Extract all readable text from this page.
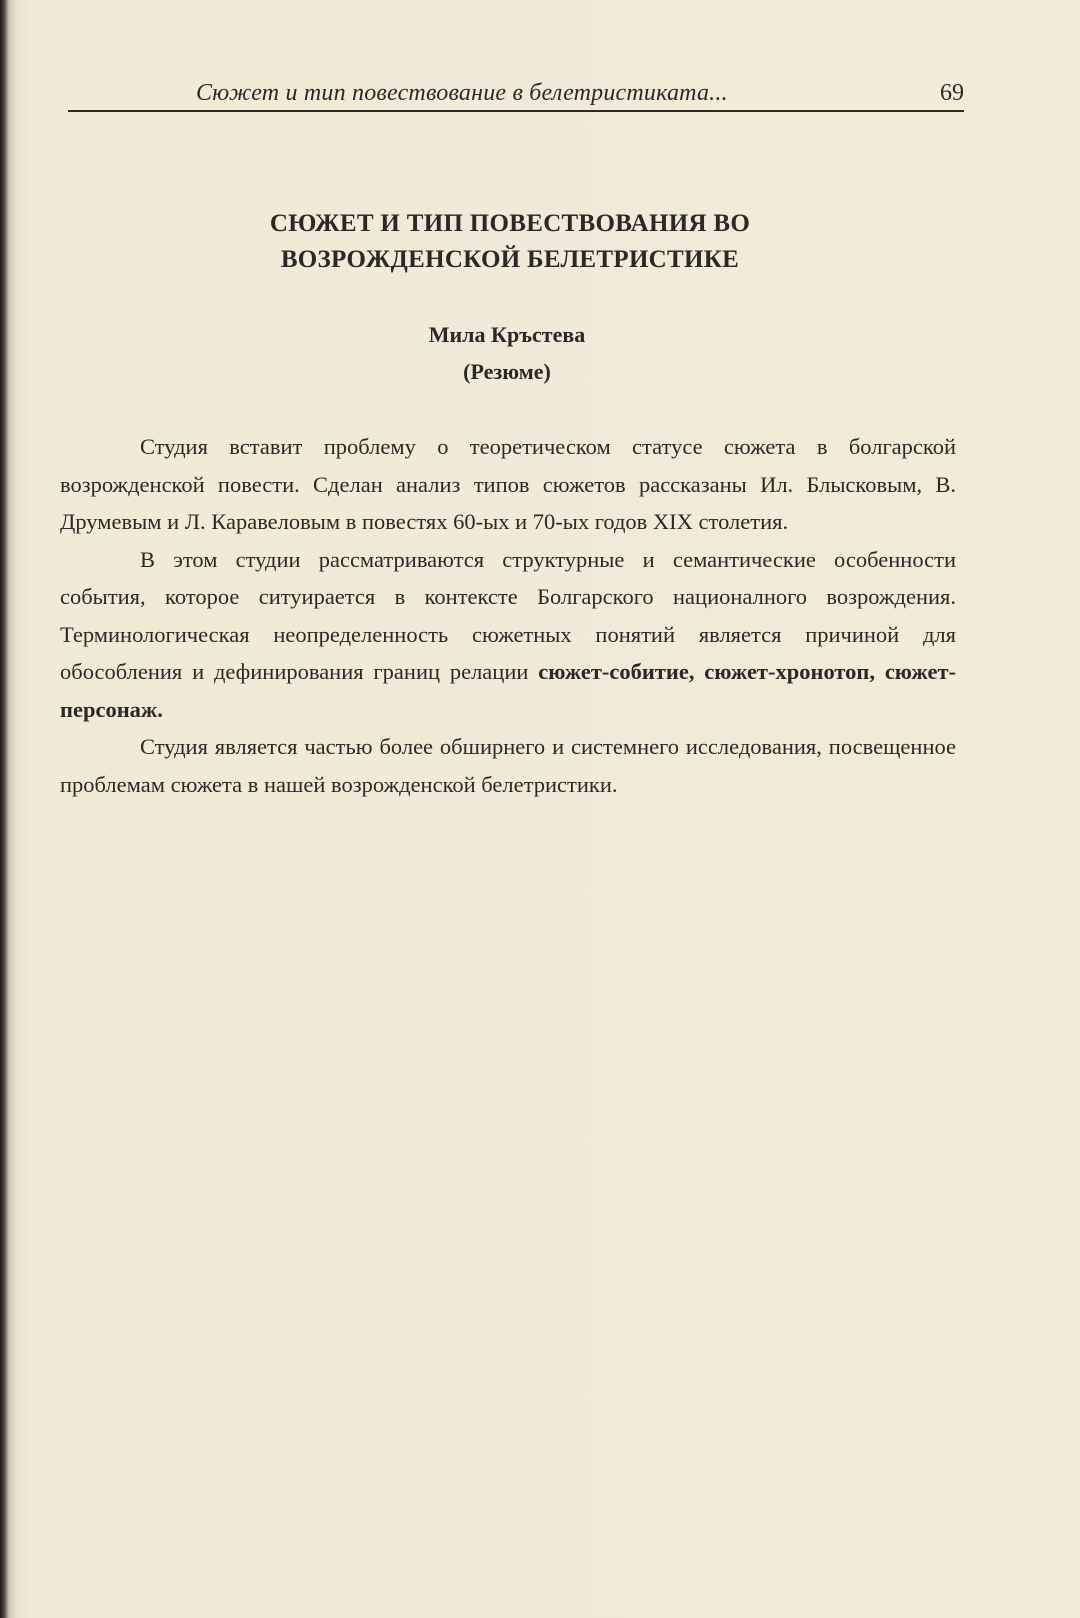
Сюжет и тип повествование в белетристиката...	69
СЮЖЕТ И ТИП ПОВЕСТВОВАНИЯ ВО
ВОЗРОЖДЕНСКОЙ БЕЛЕТРИСТИКЕ
Мила Кръстева
(Резюме)

Студия вставит проблему о теоретическом статусе сюжета в болгарской возрожденской повести. Сделан анализ типов сюжетов рассказаны Ил. Блысковым, В. Друмевым и Л. Каравеловым в повестях 60-ых и 70-ых годов XIX столетия.

В этом студии рассматриваются структурные и семантические особенности события, которое ситуирается в контексте Болгарского националного возрождения. Терминологическая неопределенность сюжетных понятий является причиной для обособления и дефинирования границ релации сюжет-собитие, сюжет-хронотоп, сюжет-персонаж.

Студия является частью более обширнего и системнего исследования, посвещенное проблемам сюжета в нашей возрожденской белетристики.
